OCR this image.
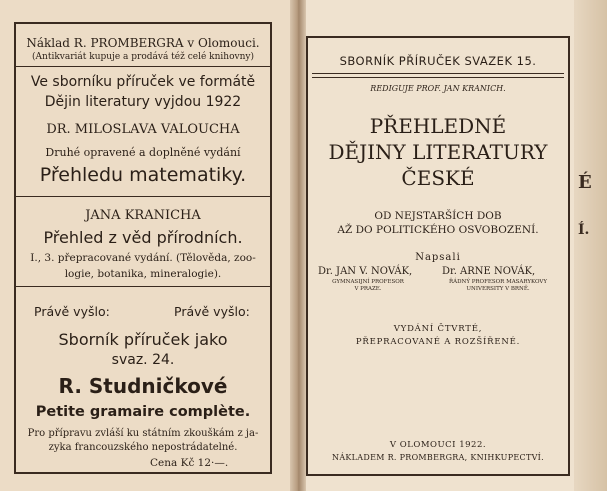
Náklad R. PROMBERGRA v Olomouci.
(Antikvariát kupuje a prodává též celé knihovny)
Ve sborníku příruček ve formátě
Dějin literatury vyjdou 1922
DR. MILOSLAVA VALOUCHA
Druhé opravené a doplněné vydání
Přehledu matematiky.
JANA KRANICHA
Přehled z věd přírodních.
I., 3. přepracované vydání. (Tělověda, zoo-
logie, botanika, mineralogie).
Právě vyšlo:	Právě vyšlo:
Sborník příruček jako
svaz. 24.
R. Studničkové
Petite gramaire complète.
Pro přípravu zvláší ku státním zkouškám z ja-
zyka francouzského nepostrádatelné.
Cena Kč 12·—.
SBORNÍK PŘÍRUČEK SVAZEK 15.
REDIGUJE PROF. JAN KRANICH.
PŘEHLEDNÉ
DĚJINY LITERATURY
ČESKÉ
OD NEJSTARŠÍCH DOB
AŽ DO POLITICKÉHO OSVOBOZENÍ.
Napsali
Dr. JAN V. NOVÁK,
GYMNASIJNÍ PROFESOR
V PRAZE.
Dr. ARNE NOVÁK,
ŘÁDNÝ PROFESOR MASARYKOVY
UNIVERSITY V BRNĚ.
VYDÁNÍ ČTVRTÉ,
PŘEPRACOVANÉ A ROZŠÍŘENÉ.
V OLOMOUCI 1922.
NÁKLADEM R. PROMBERGRA, KNIHKUPECTVÍ.
É
Í.
